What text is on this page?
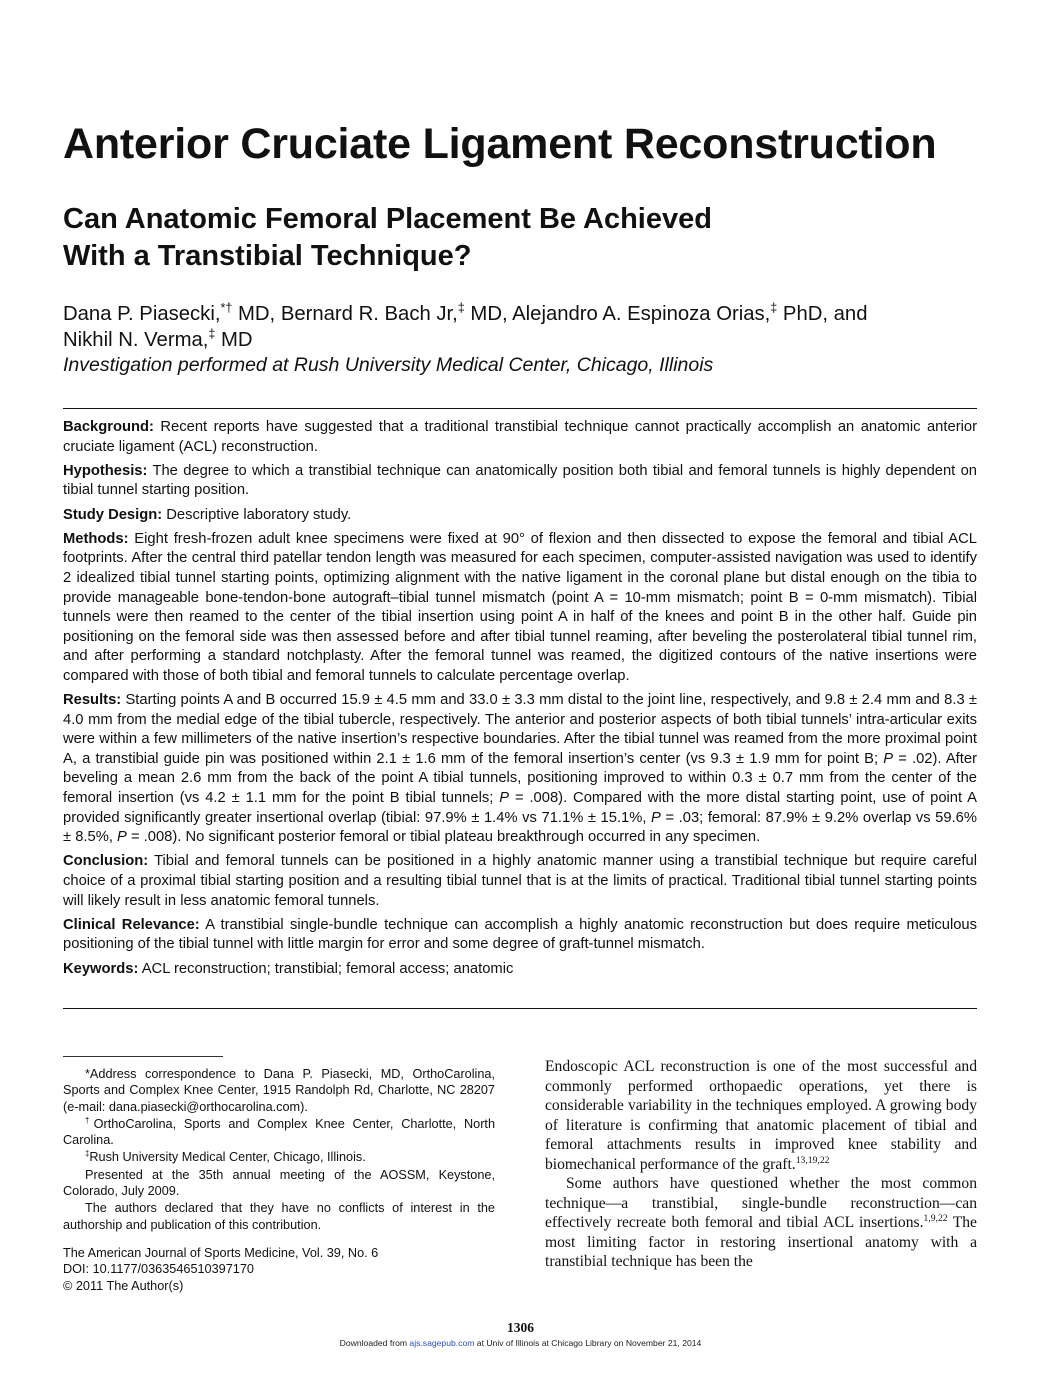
Anterior Cruciate Ligament Reconstruction
Can Anatomic Femoral Placement Be Achieved
With a Transtibial Technique?

Dana P. Piasecki,*† MD, Bernard R. Bach Jr,‡ MD, Alejandro A. Espinoza Orias,‡ PhD, and
Nikhil N. Verma,‡ MD

Investigation performed at Rush University Medical Center, Chicago, Illinois

Background: Recent reports have suggested that a traditional transtibial technique cannot practically accomplish an anatomic anterior cruciate ligament (ACL) reconstruction.

Hypothesis: The degree to which a transtibial technique can anatomically position both tibial and femoral tunnels is highly dependent on tibial tunnel starting position.

Study Design: Descriptive laboratory study.

Methods: Eight fresh-frozen adult knee specimens were fixed at 90° of flexion and then dissected to expose the femoral and tibial ACL footprints. After the central third patellar tendon length was measured for each specimen, computer-assisted navigation was used to identify 2 idealized tibial tunnel starting points, optimizing alignment with the native ligament in the coronal plane but distal enough on the tibia to provide manageable bone-tendon-bone autograft–tibial tunnel mismatch (point A = 10-mm mismatch; point B = 0-mm mismatch). Tibial tunnels were then reamed to the center of the tibial insertion using point A in half of the knees and point B in the other half. Guide pin positioning on the femoral side was then assessed before and after tibial tunnel reaming, after beveling the posterolateral tibial tunnel rim, and after performing a standard notchplasty. After the femoral tunnel was reamed, the digitized contours of the native insertions were compared with those of both tibial and femoral tunnels to calculate percentage overlap.

Results: Starting points A and B occurred 15.9 ± 4.5 mm and 33.0 ± 3.3 mm distal to the joint line, respectively, and 9.8 ± 2.4 mm and 8.3 ± 4.0 mm from the medial edge of the tibial tubercle, respectively. The anterior and posterior aspects of both tibial tunnels’ intra-articular exits were within a few millimeters of the native insertion’s respective boundaries. After the tibial tunnel was reamed from the more proximal point A, a transtibial guide pin was positioned within 2.1 ± 1.6 mm of the femoral insertion’s center (vs 9.3 ± 1.9 mm for point B; P = .02). After beveling a mean 2.6 mm from the back of the point A tibial tunnels, positioning improved to within 0.3 ± 0.7 mm from the center of the femoral insertion (vs 4.2 ± 1.1 mm for the point B tibial tunnels; P = .008). Compared with the more distal starting point, use of point A provided significantly greater insertional overlap (tibial: 97.9% ± 1.4% vs 71.1% ± 15.1%, P = .03; femoral: 87.9% ± 9.2% overlap vs 59.6% ± 8.5%, P = .008). No significant posterior femoral or tibial plateau breakthrough occurred in any specimen.

Conclusion: Tibial and femoral tunnels can be positioned in a highly anatomic manner using a transtibial technique but require careful choice of a proximal tibial starting position and a resulting tibial tunnel that is at the limits of practical. Traditional tibial tunnel starting points will likely result in less anatomic femoral tunnels.

Clinical Relevance: A transtibial single-bundle technique can accomplish a highly anatomic reconstruction but does require meticulous positioning of the tibial tunnel with little margin for error and some degree of graft-tunnel mismatch.

Keywords: ACL reconstruction; transtibial; femoral access; anatomic

*Address correspondence to Dana P. Piasecki, MD, OrthoCarolina, Sports and Complex Knee Center, 1915 Randolph Rd, Charlotte, NC 28207 (e-mail: dana.piasecki@orthocarolina.com).

†OrthoCarolina, Sports and Complex Knee Center, Charlotte, North Carolina.

‡Rush University Medical Center, Chicago, Illinois.

Presented at the 35th annual meeting of the AOSSM, Keystone, Colorado, July 2009.

The authors declared that they have no conflicts of interest in the authorship and publication of this contribution.

The American Journal of Sports Medicine, Vol. 39, No. 6

DOI: 10.1177/0363546510397170

© 2011 The Author(s)

Endoscopic ACL reconstruction is one of the most successful and commonly performed orthopaedic operations, yet there is considerable variability in the techniques employed. A growing body of literature is confirming that anatomic placement of tibial and femoral attachments results in improved knee stability and biomechanical performance of the graft.$^{13,19,22}$

Some authors have questioned whether the most common technique—a transtibial, single-bundle reconstruction—can effectively recreate both femoral and tibial ACL insertions.$^{1,9,22}$ The most limiting factor in restoring insertional anatomy with a transtibial technique has been the

1306
Downloaded from ajs.sagepub.com at Univ of Illinois at Chicago Library on November 21, 2014
